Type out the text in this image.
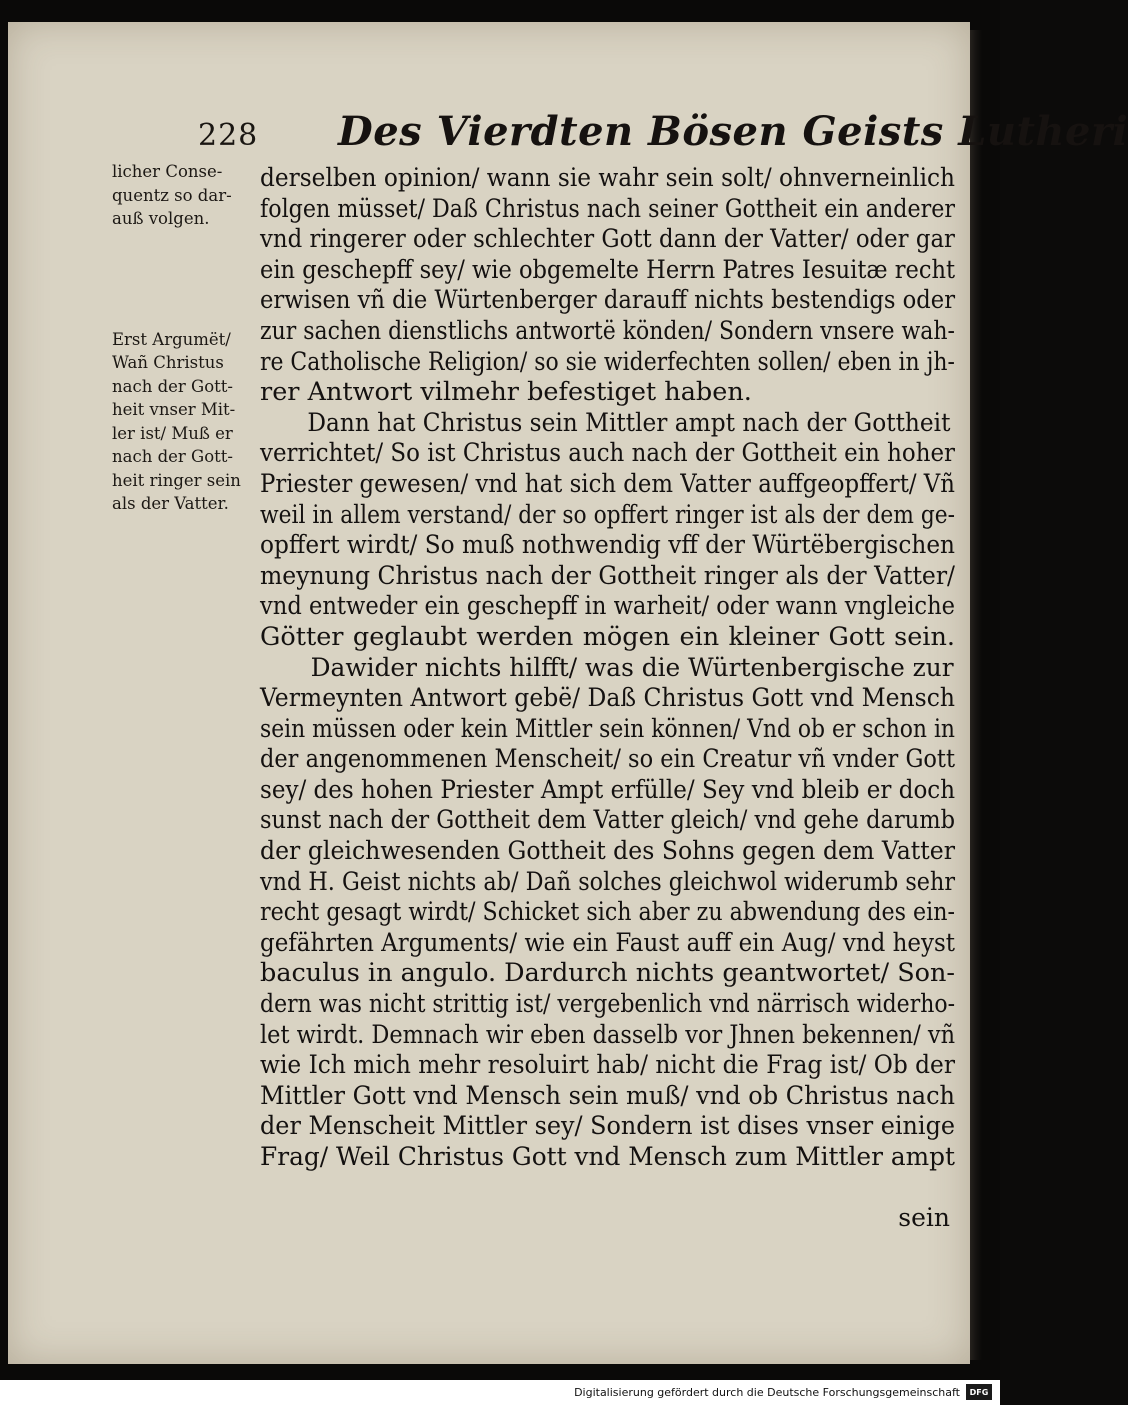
228 Des Vierdten Bösen Geists Lutheri

licher Conse-
quentz so dar-
auß volgen.

Erst Argumët/
Wañ Christus
nach der Gott-
heit vnser Mit-
ler ist/ Muß er
nach der Gott-
heit ringer sein
als der Vatter.

derselben opinion/ wann sie wahr sein solt/ ohnverneinlich
folgen müsset/ Daß Christus nach seiner Gottheit ein anderer
vnd ringerer oder schlechter Gott dann der Vatter/ oder gar
ein geschepff sey/ wie obgemelte Herrn Patres Iesuitæ recht
erwisen vñ die Würtenberger darauff nichts bestendigs oder
zur sachen dienstlichs antwortë könden/ Sondern vnsere wah-
re Catholische Religion/ so sie widerfechten sollen/ eben in jh-
rer Antwort vilmehr befestiget haben.
Dann hat Christus sein Mittler ampt nach der Gottheit
verrichtet/ So ist Christus auch nach der Gottheit ein hoher
Priester gewesen/ vnd hat sich dem Vatter auffgeopffert/ Vñ
weil in allem verstand/ der so opffert ringer ist als der dem ge-
opffert wirdt/ So muß nothwendig vff der Würtëbergischen
meynung Christus nach der Gottheit ringer als der Vatter/
vnd entweder ein geschepff in warheit/ oder wann vngleiche
Götter geglaubt werden mögen ein kleiner Gott sein.
Dawider nichts hilfft/ was die Würtenbergische zur
Vermeynten Antwort gebë/ Daß Christus Gott vnd Mensch
sein müssen oder kein Mittler sein können/ Vnd ob er schon in
der angenommenen Menscheit/ so ein Creatur vñ vnder Gott
sey/ des hohen Priester Ampt erfülle/ Sey vnd bleib er doch
sunst nach der Gottheit dem Vatter gleich/ vnd gehe darumb
der gleichwesenden Gottheit des Sohns gegen dem Vatter
vnd H. Geist nichts ab/ Dañ solches gleichwol widerumb sehr
recht gesagt wirdt/ Schicket sich aber zu abwendung des ein-
gefährten Arguments/ wie ein Faust auff ein Aug/ vnd heyst
baculus in angulo. Dardurch nichts geantwortet/ Son-
dern was nicht strittig ist/ vergebenlich vnd närrisch widerho-
let wirdt. Demnach wir eben dasselb vor Jhnen bekennen/ vñ
wie Ich mich mehr resoluirt hab/ nicht die Frag ist/ Ob der
Mittler Gott vnd Mensch sein muß/ vnd ob Christus nach
der Menscheit Mittler sey/ Sondern ist dises vnser einige
Frag/ Weil Christus Gott vnd Mensch zum Mittler ampt
sein
Digitalisierung gefördert durch die Deutsche Forschungsgemeinschaft	DFG
